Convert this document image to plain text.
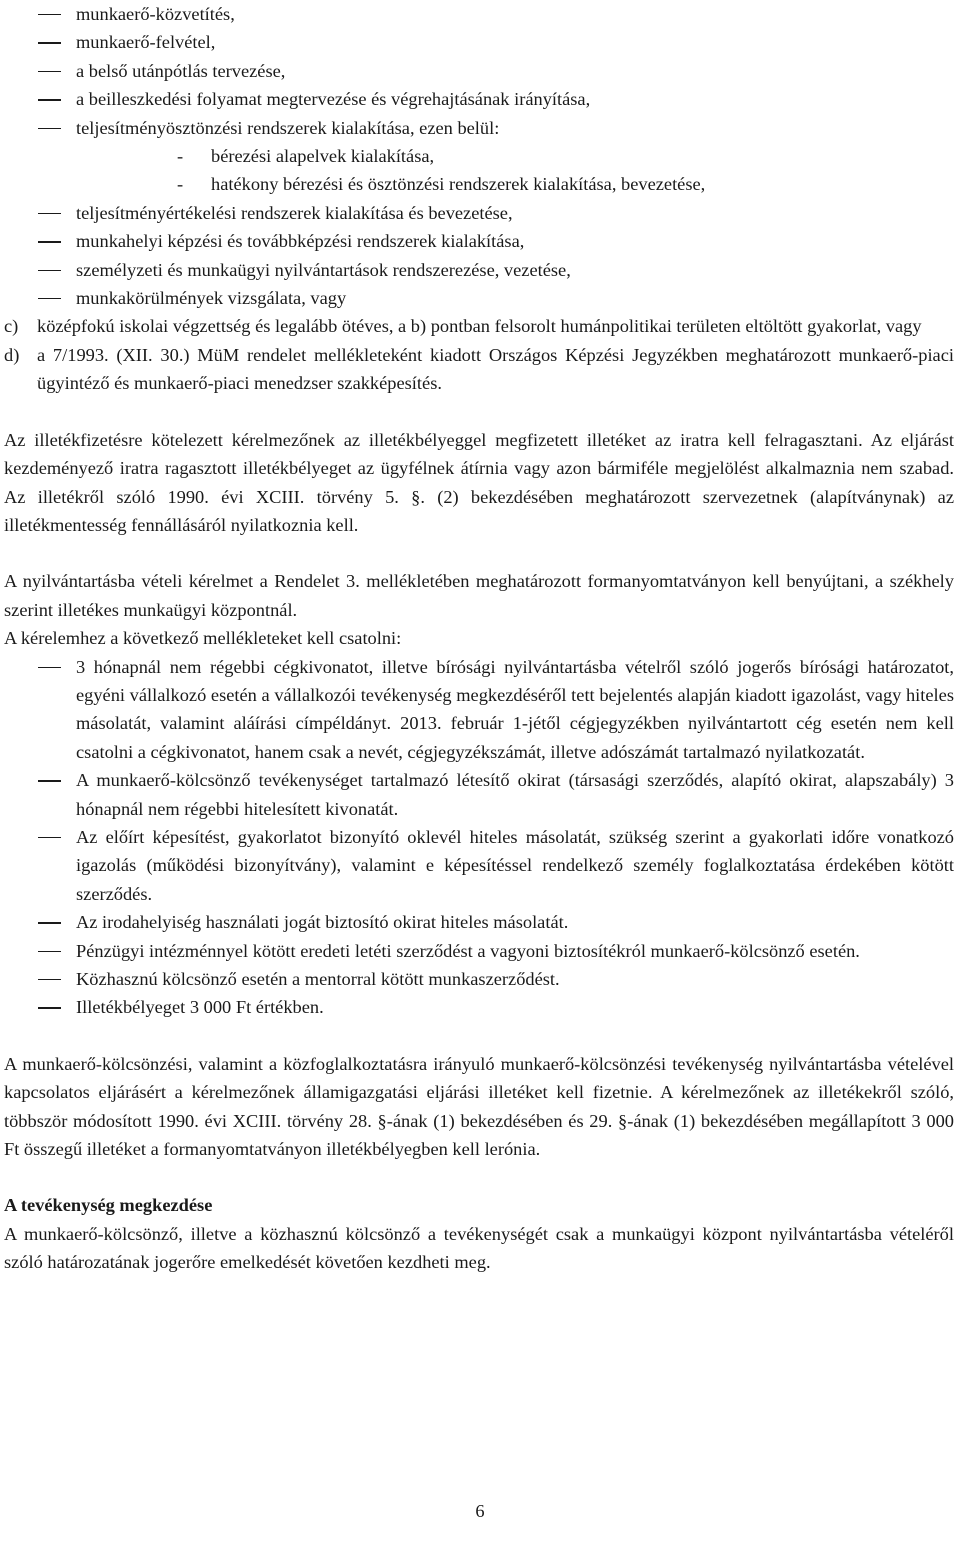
munkaerő-közvetítés,
munkaerő-felvétel,
a belső utánpótlás tervezése,
a beilleszkedési folyamat megtervezése és végrehajtásának irányítása,
teljesítményösztönzési rendszerek kialakítása, ezen belül:
- bérezési alapelvek kialakítása,
- hatékony bérezési és ösztönzési rendszerek kialakítása, bevezetése,
teljesítményértékelési rendszerek kialakítása és bevezetése,
munkahelyi képzési és továbbképzési rendszerek kialakítása,
személyzeti és munkaügyi nyilvántartások rendszerezése, vezetése,
munkakörülmények vizsgálata, vagy
c)	középfokú iskolai végzettség és legalább ötéves, a b) pontban felsorolt humánpolitikai területen eltöltött gyakorlat, vagy
d) a 7/1993. (XII. 30.) MüM rendelet mellékleteként kiadott Országos Képzési Jegyzékben meghatározott munkaerő-piaci ügyintéző és munkaerő-piaci menedzser szakképesítés.

Az illetékfizetésre kötelezett kérelmezőnek az illetékbélyeggel megfizetett illetéket az iratra kell felragasztani. Az eljárást kezdeményező iratra ragasztott illetékbélyeget az ügyfélnek átírnia vagy azon bármiféle megjelölést alkalmaznia nem szabad. Az illetékről szóló 1990. évi XCIII. törvény 5. §. (2) bekezdésében meghatározott szervezetnek (alapítványnak) az illetékmentesség fennállásáról nyilatkoznia kell.

A nyilvántartásba vételi kérelmet a Rendelet 3. mellékletében meghatározott formanyomtatványon kell benyújtani, a székhely szerint illetékes munkaügyi központnál.

A kérelemhez a következő mellékleteket kell csatolni:

3 hónapnál nem régebbi cégkivonatot, illetve bírósági nyilvántartásba vételről szóló jogerős bírósági határozatot, egyéni vállalkozó esetén a vállalkozói tevékenység megkezdéséről tett bejelentés alapján kiadott igazolást, vagy hiteles másolatát, valamint aláírási címpéldányt. 2013. február 1-jétől cégjegyzékben nyilvántartott cég esetén nem kell csatolni a cégkivonatot, hanem csak a nevét, cégjegyzékszámát, illetve adószámát tartalmazó nyilatkozatát.
A munkaerő-kölcsönző tevékenységet tartalmazó létesítő okirat (társasági szerződés, alapító okirat, alapszabály) 3 hónapnál nem régebbi hitelesített kivonatát.
Az előírt képesítést, gyakorlatot bizonyító oklevél hiteles másolatát, szükség szerint a gyakorlati időre vonatkozó igazolás (működési bizonyítvány), valamint e képesítéssel rendelkező személy foglalkoztatása érdekében kötött szerződés.
Az irodahelyiség használati jogát biztosító okirat hiteles másolatát.
Pénzügyi intézménnyel kötött eredeti letéti szerződést a vagyoni biztosítékról munkaerő-kölcsönző esetén.
Közhasznú kölcsönző esetén a mentorral kötött munkaszerződést.
Illetékbélyeget 3 000 Ft értékben.

A munkaerő-kölcsönzési, valamint a közfoglalkoztatásra irányuló munkaerő-kölcsönzési tevékenység nyilvántartásba vételével kapcsolatos eljárásért a kérelmezőnek államigazgatási eljárási illetéket kell fizetnie. A kérelmezőnek az illetékekről szóló, többször módosított 1990. évi XCIII. törvény 28. §-ának (1) bekezdésében és 29. §-ának (1) bekezdésében megállapított 3 000 Ft összegű illetéket a formanyomtatványon illetékbélyegben kell lerónia.

A tevékenység megkezdése

A munkaerő-kölcsönző, illetve a közhasznú kölcsönző a tevékenységét csak a munkaügyi központ nyilvántartásba vételéről szóló határozatának jogerőre emelkedését követően kezdheti meg.

6
